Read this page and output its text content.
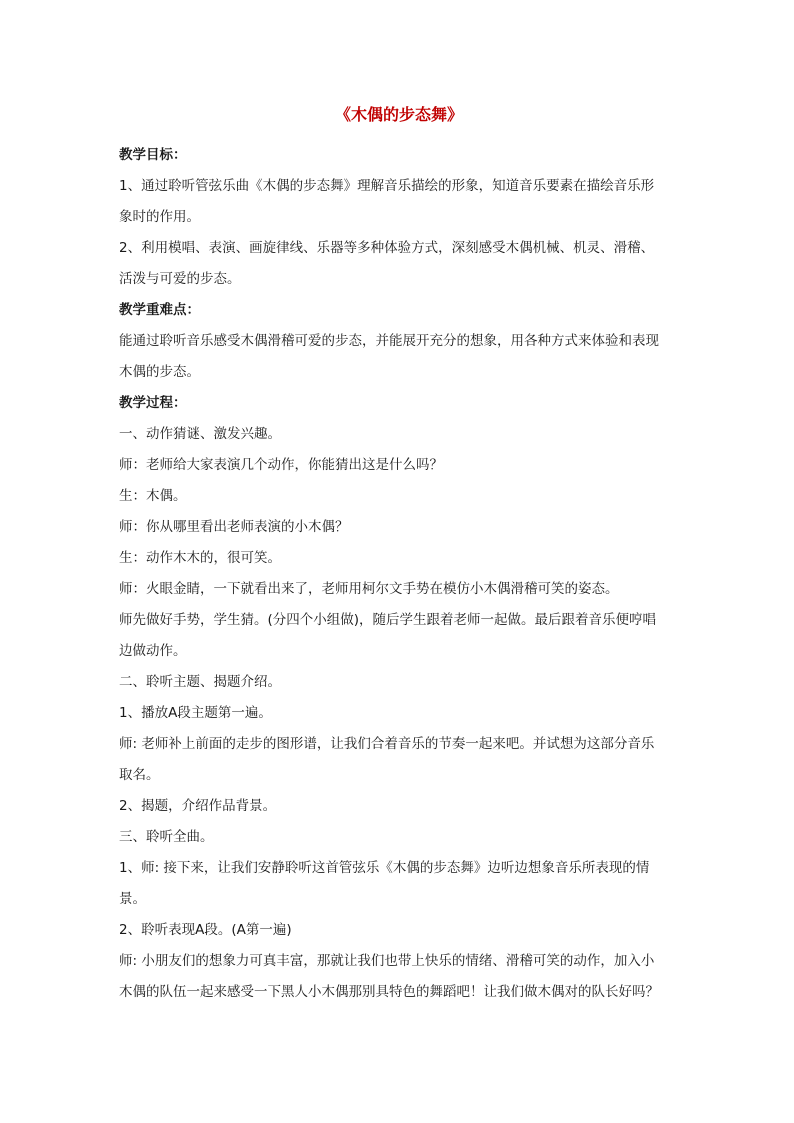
《木偶的步态舞》

教学目标：

1、通过聆听管弦乐曲《木偶的步态舞》理解音乐描绘的形象，知道音乐要素在描绘音乐形

象时的作用。

2、利用模唱、表演、画旋律线、乐器等多种体验方式，深刻感受木偶机械、机灵、滑稽、

活泼与可爱的步态。

教学重难点：

能通过聆听音乐感受木偶滑稽可爱的步态，并能展开充分的想象，用各种方式来体验和表现

木偶的步态。

教学过程：

一、动作猜谜、激发兴趣。

师：老师给大家表演几个动作，你能猜出这是什么吗？

生：木偶。

师：你从哪里看出老师表演的小木偶？

生：动作木木的，很可笑。

师：火眼金睛，一下就看出来了，老师用柯尔文手势在模仿小木偶滑稽可笑的姿态。

师先做好手势，学生猜。(分四个小组做)，随后学生跟着老师一起做。最后跟着音乐便哼唱

边做动作。

二、聆听主题、揭题介绍。

1、播放A段主题第一遍。

师: 老师补上前面的走步的图形谱，让我们合着音乐的节奏一起来吧。并试想为这部分音乐

取名。

2、揭题，介绍作品背景。

三、聆听全曲。

1、师: 接下来，让我们安静聆听这首管弦乐《木偶的步态舞》边听边想象音乐所表现的情

景。

2、聆听表现A段。(A第一遍)

师: 小朋友们的想象力可真丰富，那就让我们也带上快乐的情绪、滑稽可笑的动作，加入小

木偶的队伍一起来感受一下黑人小木偶那别具特色的舞蹈吧！让我们做木偶对的队长好吗？
